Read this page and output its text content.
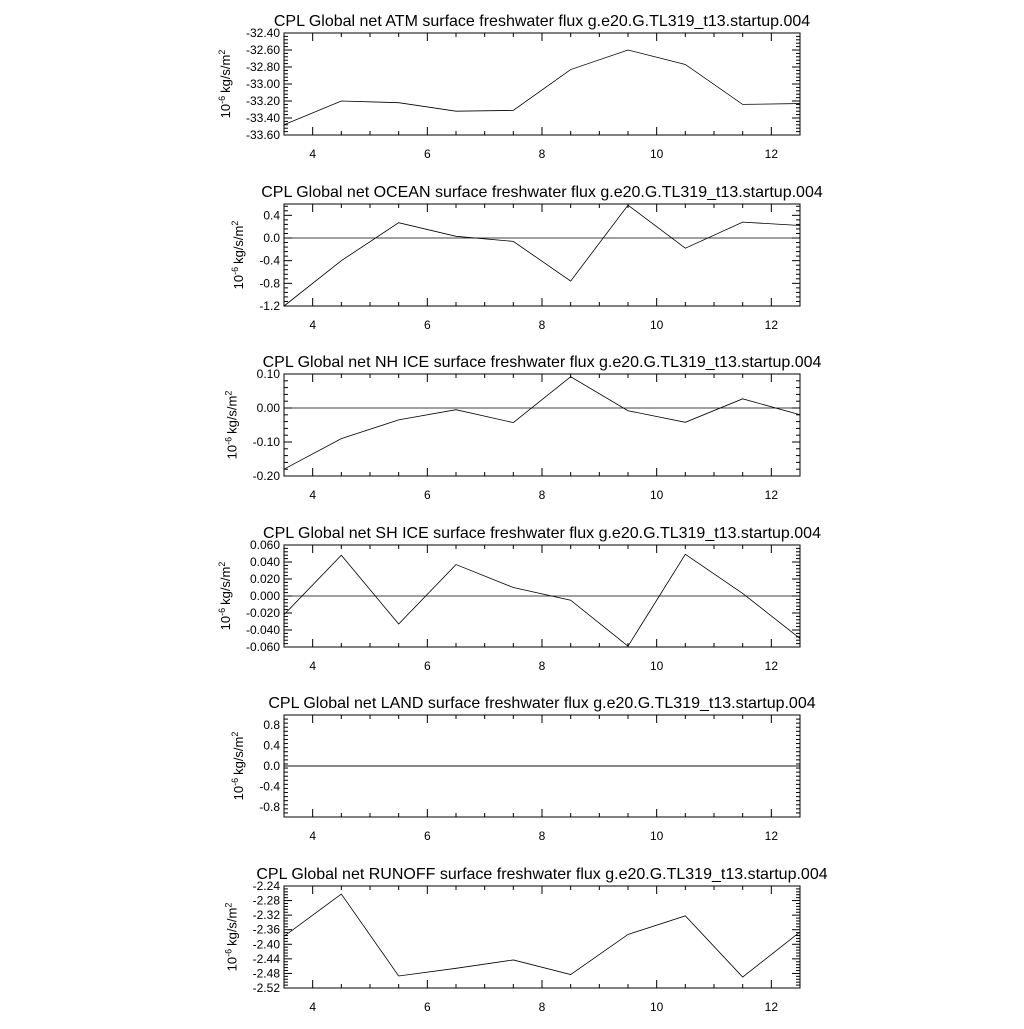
CPL Global net ATM surface freshwater flux g.e20.G.TL319_t13.startup.004
4	6	8	10	12
-32.40
-32.60
-32.80
-33.00
-33.20
-33.40
-33.60
$10^{-6}kg/s/m^2$
CPL Global net OCEAN surface freshwater flux g.e20.G.TL319_t13.startup.004
4	6	8	10	12
0.4
0.0
-0.4
-0.8
-1.2
$10^{-6}kg/s/m^2$
CPL Global net NH ICE surface freshwater flux g.e20.G.TL319_t13.startup.004
4	6	8	10	12
0.10
0.00
-0.10
-0.20
$10^{-6}kg/s/m^2$
CPL Global net SH ICE surface freshwater flux g.e20.G.TL319_t13.startup.004
4	6	8	10	12
0.060
0.040
0.020
0.000
-0.020
-0.040
-0.060
$10^{-6}kg/s/m^2$
CPL Global net LAND surface freshwater flux g.e20.G.TL319_t13.startup.004
4	6	8	10	12
0.8
0.4
0.0
-0.4
-0.8
$10^{-6}kg/s/m^2$
CPL Global net RUNOFF surface freshwater flux g.e20.G.TL319_t13.startup.004
4	6	8	10	12
-2.24
-2.28
-2.32
-2.36
-2.40
-2.44
-2.48
-2.52
$10^{-6}kg/s/m^2$
